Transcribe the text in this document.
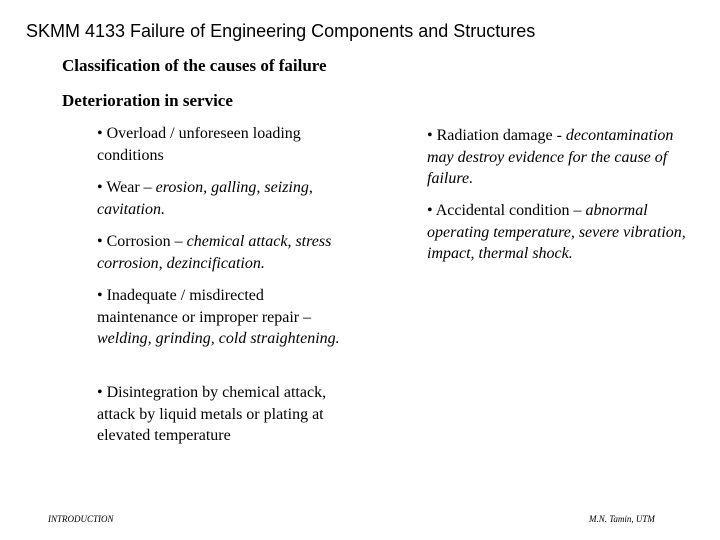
SKMM 4133 Failure of Engineering Components and Structures
Classification of the causes of failure
Deterioration in service
• Overload / unforeseen loading conditions
• Wear – erosion, galling, seizing, cavitation.
• Corrosion – chemical attack, stress corrosion, dezincification.
• Inadequate / misdirected maintenance or improper repair – welding, grinding, cold straightening.
• Disintegration by chemical attack, attack by liquid metals or plating at elevated temperature
• Radiation damage - decontamination may destroy evidence for the cause of failure.
• Accidental condition – abnormal operating temperature, severe vibration, impact, thermal shock.
INTRODUCTION	M.N. Tamin, UTM
